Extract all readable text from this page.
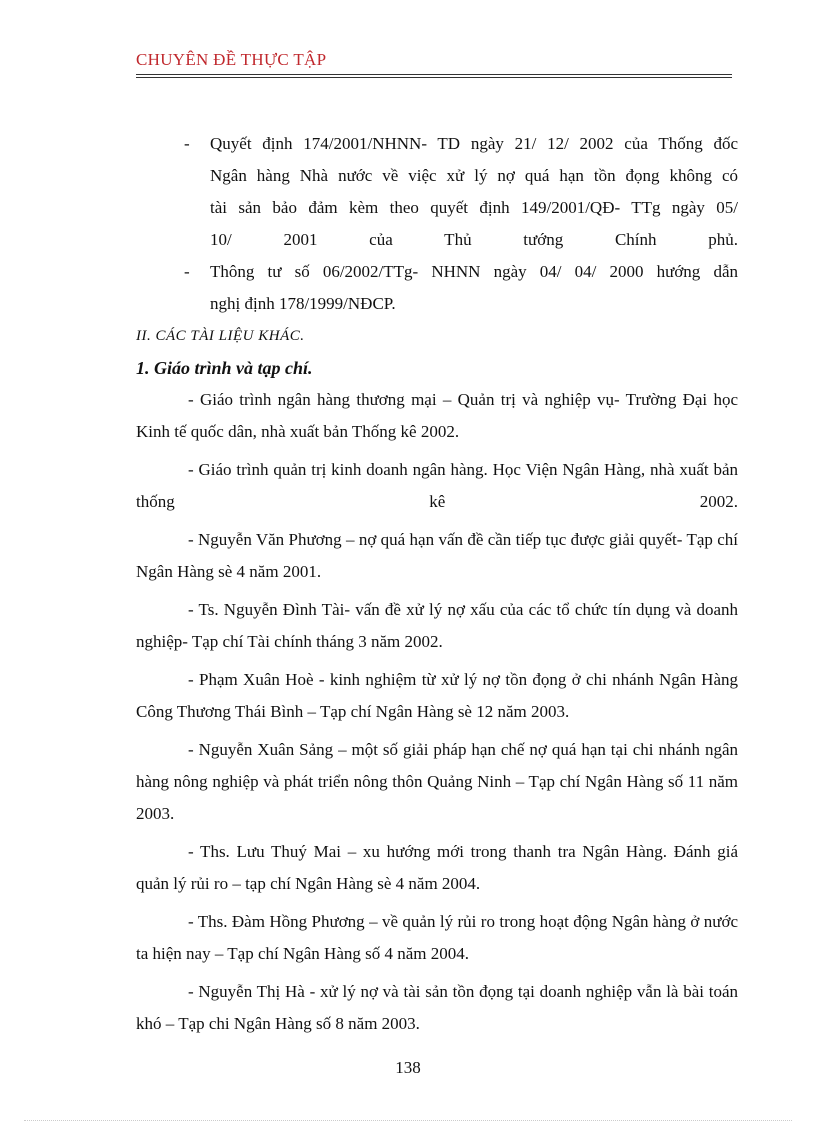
CHUYÊN ĐỀ THỰC TẬP
- Quyết định 174/2001/NHNN- TD ngày 21/ 12/ 2002 của Thống đốc
Ngân hàng Nhà nước về việc xử lý nợ quá hạn tồn đọng không có
tài sản bảo đảm kèm theo quyết định 149/2001/QĐ- TTg ngày 05/
10/ 2001 của Thủ tướng Chính phủ.
- Thông tư số 06/2002/TTg- NHNN ngày 04/ 04/ 2000 hướng dẫn
nghị định 178/1999/NĐCP.
II. CÁC TÀI LIỆU KHÁC.
1. Giáo trình và tạp chí.
- Giáo trình ngân hàng thương mại – Quản trị và nghiệp vụ- Trường Đại học Kinh tế quốc dân, nhà xuất bản Thống kê 2002.
- Giáo trình quản trị kinh doanh ngân hàng. Học Viện Ngân Hàng, nhà xuất bản thống kê 2002.
- Nguyễn Văn Phương – nợ quá hạn vấn đề cần tiếp tục được giải quyết- Tạp chí Ngân Hàng sè 4 năm 2001.
- Ts. Nguyễn Đình Tài- vấn đề xử lý nợ xấu của các tổ chức tín dụng và doanh nghiệp- Tạp chí Tài chính tháng 3 năm 2002.
- Phạm Xuân Hoè - kinh nghiệm từ xử lý nợ tồn đọng ở chi nhánh Ngân Hàng Công Thương Thái Bình – Tạp chí Ngân Hàng sè 12 năm 2003.
- Nguyễn Xuân Sảng – một số giải pháp hạn chế nợ quá hạn tại chi nhánh ngân hàng nông nghiệp và phát triển nông thôn Quảng Ninh – Tạp chí Ngân Hàng số 11 năm 2003.
- Ths. Lưu Thuý Mai – xu hướng mới trong thanh tra Ngân Hàng. Đánh giá quản lý rủi ro – tạp chí Ngân Hàng sè 4 năm 2004.
- Ths. Đàm Hồng Phương – về quản lý rủi ro trong hoạt động Ngân hàng ở nước ta hiện nay – Tạp chí Ngân Hàng số 4 năm 2004.
- Nguyễn Thị Hà - xử lý nợ và tài sản tồn đọng tại doanh nghiệp vẫn là bài toán khó – Tạp chi Ngân Hàng số 8 năm 2003.
138
